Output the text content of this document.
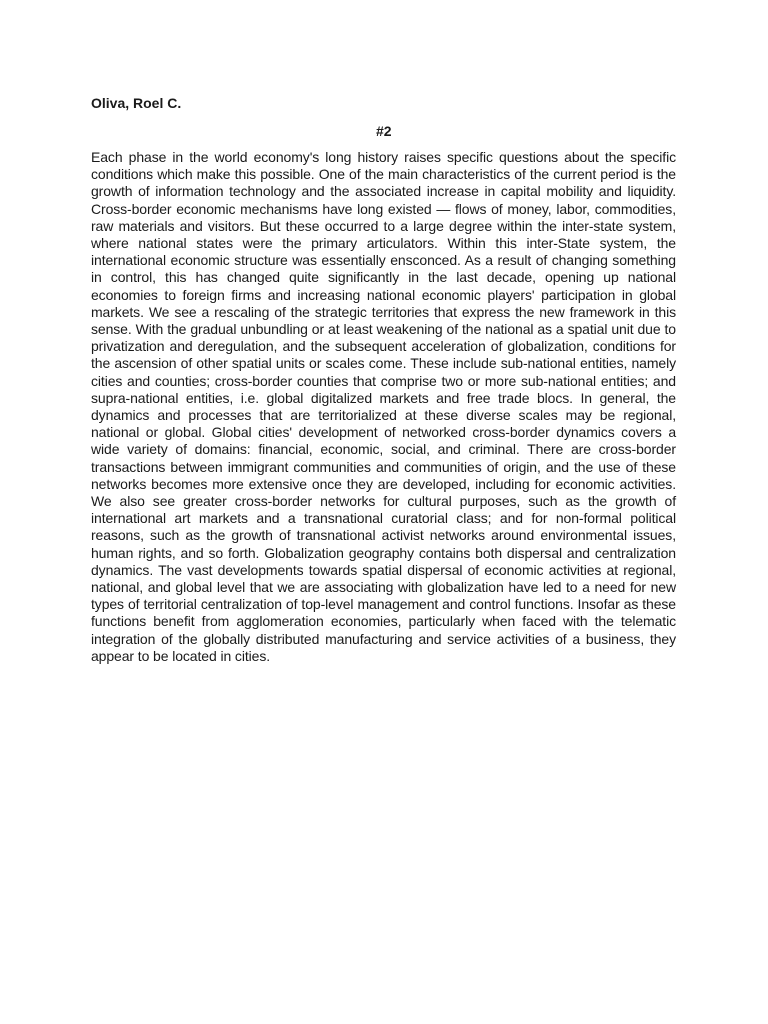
Oliva, Roel C.

#2

Each phase in the world economy's long history raises specific questions about the specific conditions which make this possible. One of the main characteristics of the current period is the growth of information technology and the associated increase in capital mobility and liquidity. Cross-border economic mechanisms have long existed — flows of money, labor, commodities, raw materials and visitors. But these occurred to a large degree within the inter-state system, where national states were the primary articulators. Within this inter-State system, the international economic structure was essentially ensconced. As a result of changing something in control, this has changed quite significantly in the last decade, opening up national economies to foreign firms and increasing national economic players' participation in global markets. We see a rescaling of the strategic territories that express the new framework in this sense. With the gradual unbundling or at least weakening of the national as a spatial unit due to privatization and deregulation, and the subsequent acceleration of globalization, conditions for the ascension of other spatial units or scales come. These include sub-national entities, namely cities and counties; cross-border counties that comprise two or more sub-national entities; and supra-national entities, i.e. global digitalized markets and free trade blocs. In general, the dynamics and processes that are territorialized at these diverse scales may be regional, national or global. Global cities' development of networked cross-border dynamics covers a wide variety of domains: financial, economic, social, and criminal. There are cross-border transactions between immigrant communities and communities of origin, and the use of these networks becomes more extensive once they are developed, including for economic activities. We also see greater cross-border networks for cultural purposes, such as the growth of international art markets and a transnational curatorial class; and for non-formal political reasons, such as the growth of transnational activist networks around environmental issues, human rights, and so forth. Globalization geography contains both dispersal and centralization dynamics. The vast developments towards spatial dispersal of economic activities at regional, national, and global level that we are associating with globalization have led to a need for new types of territorial centralization of top-level management and control functions. Insofar as these functions benefit from agglomeration economies, particularly when faced with the telematic integration of the globally distributed manufacturing and service activities of a business, they appear to be located in cities.
